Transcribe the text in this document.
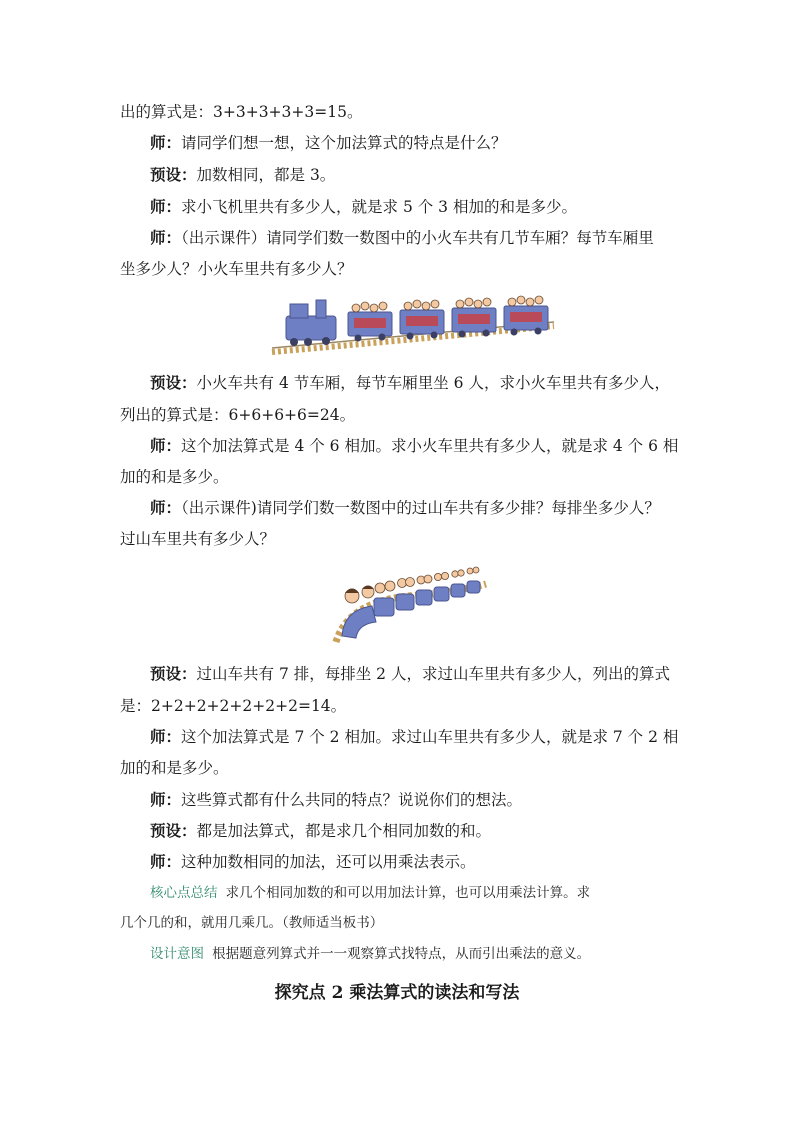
出的算式是：3+3+3+3+3=15。
师：请同学们想一想，这个加法算式的特点是什么？
预设：加数相同，都是 3。
师：求小飞机里共有多少人，就是求 5 个 3 相加的和是多少。
师：（出示课件）请同学们数一数图中的小火车共有几节车厢？每节车厢里
坐多少人？小火车里共有多少人？
预设：小火车共有 4 节车厢，每节车厢里坐 6 人，求小火车里共有多少人，
列出的算式是：6+6+6+6=24。
师：这个加法算式是 4 个 6 相加。求小火车里共有多少人，就是求 4 个 6 相
加的和是多少。
师：（出示课件)请同学们数一数图中的过山车共有多少排？每排坐多少人？
过山车里共有多少人？
预设：过山车共有 7 排，每排坐 2 人，求过山车里共有多少人，列出的算式
是：2+2+2+2+2+2+2=14。
师：这个加法算式是 7 个 2 相加。求过山车里共有多少人，就是求 7 个 2 相
加的和是多少。
师：这些算式都有什么共同的特点？说说你们的想法。
预设：都是加法算式，都是求几个相同加数的和。
师：这种加数相同的加法，还可以用乘法表示。
核心点总结 求几个相同加数的和可以用加法计算，也可以用乘法计算。求
几个几的和，就用几乘几。（教师适当板书）
设计意图 根据题意列算式并一一观察算式找特点，从而引出乘法的意义。
探究点 2 乘法算式的读法和写法
